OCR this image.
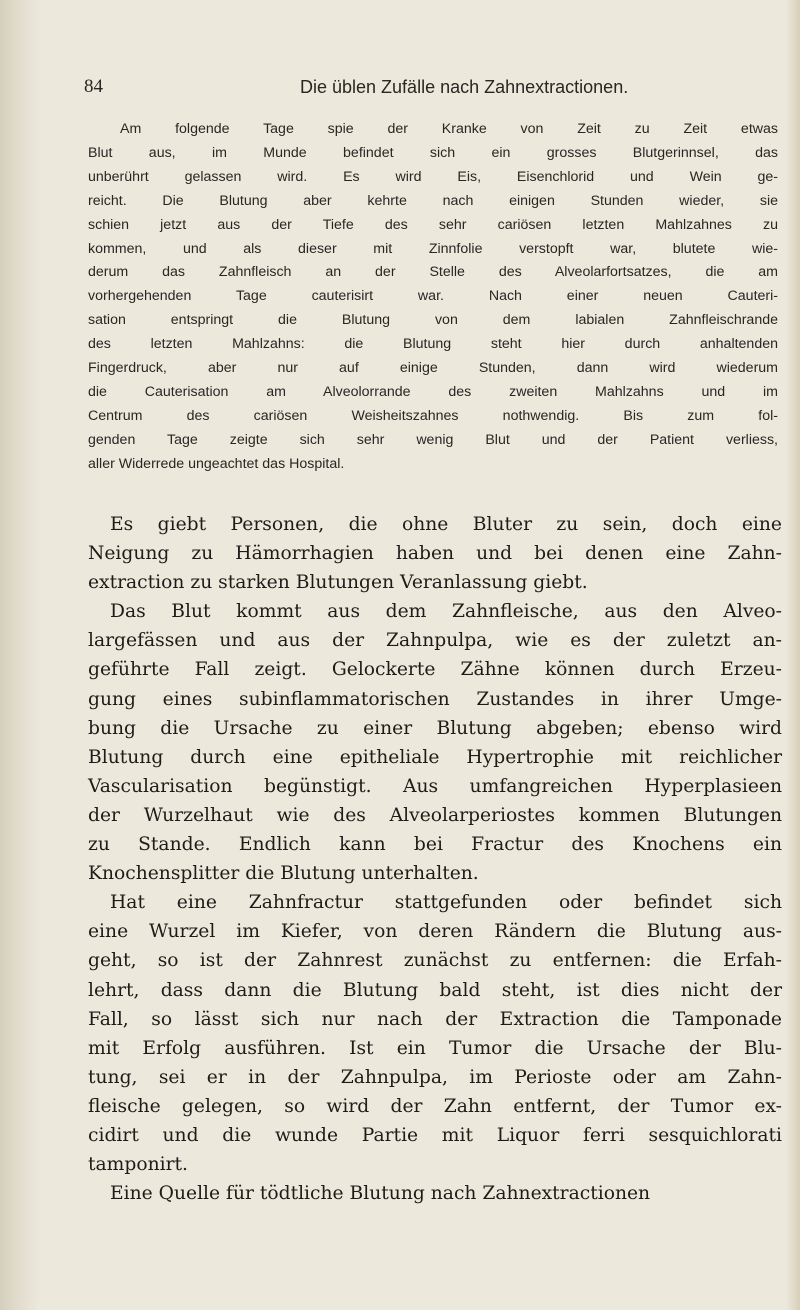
84	Die üblen Zufälle nach Zahnextractionen.

Am folgende Tage spie der Kranke von Zeit zu Zeit etwas
Blut aus, im Munde befindet sich ein grosses Blutgerinnsel, das
unberührt gelassen wird. Es wird Eis, Eisenchlorid und Wein ge-
reicht. Die Blutung aber kehrte nach einigen Stunden wieder, sie
schien jetzt aus der Tiefe des sehr cariösen letzten Mahlzahnes zu
kommen, und als dieser mit Zinnfolie verstopft war, blutete wie-
derum das Zahnfleisch an der Stelle des Alveolarfortsatzes, die am
vorhergehenden Tage cauterisirt war. Nach einer neuen Cauteri-
sation entspringt die Blutung von dem labialen Zahnfleischrande
des letzten Mahlzahns: die Blutung steht hier durch anhaltenden
Fingerdruck, aber nur auf einige Stunden, dann wird wiederum
die Cauterisation am Alveolorrande des zweiten Mahlzahns und im
Centrum des cariösen Weisheitszahnes nothwendig. Bis zum fol-
genden Tage zeigte sich sehr wenig Blut und der Patient verliess,
aller Widerrede ungeachtet das Hospital.
Es giebt Personen, die ohne Bluter zu sein, doch eine
Neigung zu Hämorrhagien haben und bei denen eine Zahn-
extraction zu starken Blutungen Veranlassung giebt.
Das Blut kommt aus dem Zahnfleische, aus den Alveo-
largefässen und aus der Zahnpulpa, wie es der zuletzt an-
geführte Fall zeigt. Gelockerte Zähne können durch Erzeu-
gung eines subinflammatorischen Zustandes in ihrer Umge-
bung die Ursache zu einer Blutung abgeben; ebenso wird
Blutung durch eine epitheliale Hypertrophie mit reichlicher
Vascularisation begünstigt. Aus umfangreichen Hyperplasieen
der Wurzelhaut wie des Alveolarperiostes kommen Blutungen
zu Stande. Endlich kann bei Fractur des Knochens ein
Knochensplitter die Blutung unterhalten.
Hat eine Zahnfractur stattgefunden oder befindet sich
eine Wurzel im Kiefer, von deren Rändern die Blutung aus-
geht, so ist der Zahnrest zunächst zu entfernen: die Erfah-
lehrt, dass dann die Blutung bald steht, ist dies nicht der
Fall, so lässt sich nur nach der Extraction die Tamponade
mit Erfolg ausführen. Ist ein Tumor die Ursache der Blu-
tung, sei er in der Zahnpulpa, im Perioste oder am Zahn-
fleische gelegen, so wird der Zahn entfernt, der Tumor ex-
cidirt und die wunde Partie mit Liquor ferri sesquichlorati
tamponirt.
Eine Quelle für tödtliche Blutung nach Zahnextractionen
